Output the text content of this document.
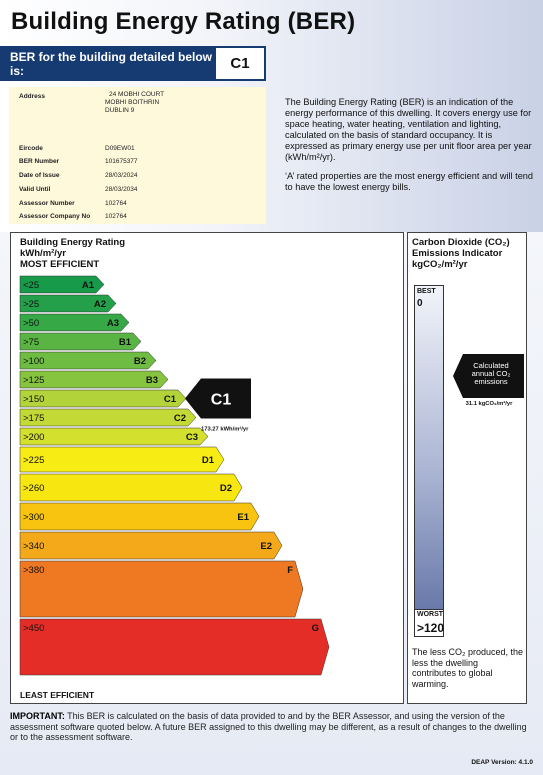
Building Energy Rating (BER)
BER for the building detailed below is:	C1
Address	24 MOBHI COURT
MOBHI BOITHRIN
DUBLIN 9
Eircode	D09EW01
BER Number	101675377
Date of Issue	28/03/2024
Valid Until	28/03/2034
Assessor Number	102764
Assessor Company No 102764

The Building Energy Rating (BER) is an indication of the energy performance of this dwelling. It covers energy use for space heating, water heating, ventilation and lighting, calculated on the basis of standard occupancy. It is expressed as primary energy use per unit floor area per year (kWh/m²/yr).

‘A’ rated properties are the most energy efficient and will tend to have the lowest energy bills.

Building Energy Rating
kWh/m²/yr
MOST EFFICIENT
<25	A1
>25	A2
>50	A3
>75	B1
>100	B2
>125	B3
>150	C1
>175	C2
>200	C3
>225	D1
>260	D2
>300	E1
>340	E2
>380	F
>450	G
C1
173.27 kWh/m²/yr
LEAST EFFICIENT
Carbon Dioxide (CO₂)
Emissions Indicator
kgCO₂/m²/yr
BEST
0
WORST
>120
Calculated
annual CO₂
emissions
31.1 kgCO₂/m²/yr
The less CO₂ produced, the less the dwelling contributes to global warming.
IMPORTANT: This BER is calculated on the basis of data provided to and by the BER Assessor, and using the version of the assessment software quoted below. A future BER assigned to this dwelling may be different, as a result of changes to the dwelling or to the assessment software.
DEAP Version: 4.1.0
